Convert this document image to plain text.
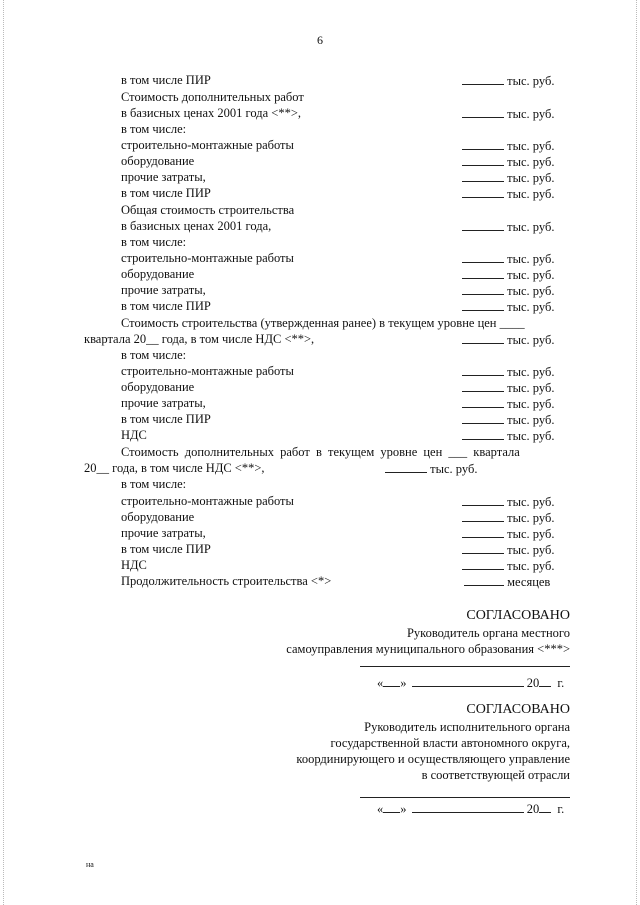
6
в том числе ПИР
Стоимость дополнительных работ
в базисных ценах 2001 года <**>,
в том числе:
строительно-монтажные работы
оборудование
прочие затраты,
в том числе ПИР
Общая стоимость строительства
в базисных ценах 2001 года,
в том числе:
строительно-монтажные работы
оборудование
прочие затраты,
в том числе ПИР
Стоимость строительства (утвержденная ранее) в текущем уровне цен ____
квартала 20__ года, в том числе НДС <**>,
в том числе:
строительно-монтажные работы
оборудование
прочие затраты,
в том числе ПИР
НДС
Стоимость дополнительных работ в текущем уровне цен ___ квартала
20__ года, в том числе НДС <**>,
в том числе:
строительно-монтажные работы
оборудование
прочие затраты,
в том числе ПИР
НДС
Продолжительность строительства <*>
тыс. руб.
тыс. руб.
тыс. руб.
тыс. руб.
тыс. руб.
тыс. руб.
тыс. руб.
тыс. руб.
тыс. руб.
тыс. руб.
тыс. руб.
тыс. руб.
тыс. руб.
тыс. руб.
тыс. руб.
тыс. руб.
тыс. руб.
тыс. руб.
тыс. руб.
тыс. руб.
тыс. руб.
тыс. руб.
тыс. руб.
месяцев
СОГЛАСОВАНО
Руководитель органа местного
самоуправления муниципального образования <***>
« »	20 г.
СОГЛАСОВАНО
Руководитель исполнительного органа
государственной власти автономного округа,
координирующего и осуществляющего управление
в соответствующей отрасли
« »	20 г.
на
